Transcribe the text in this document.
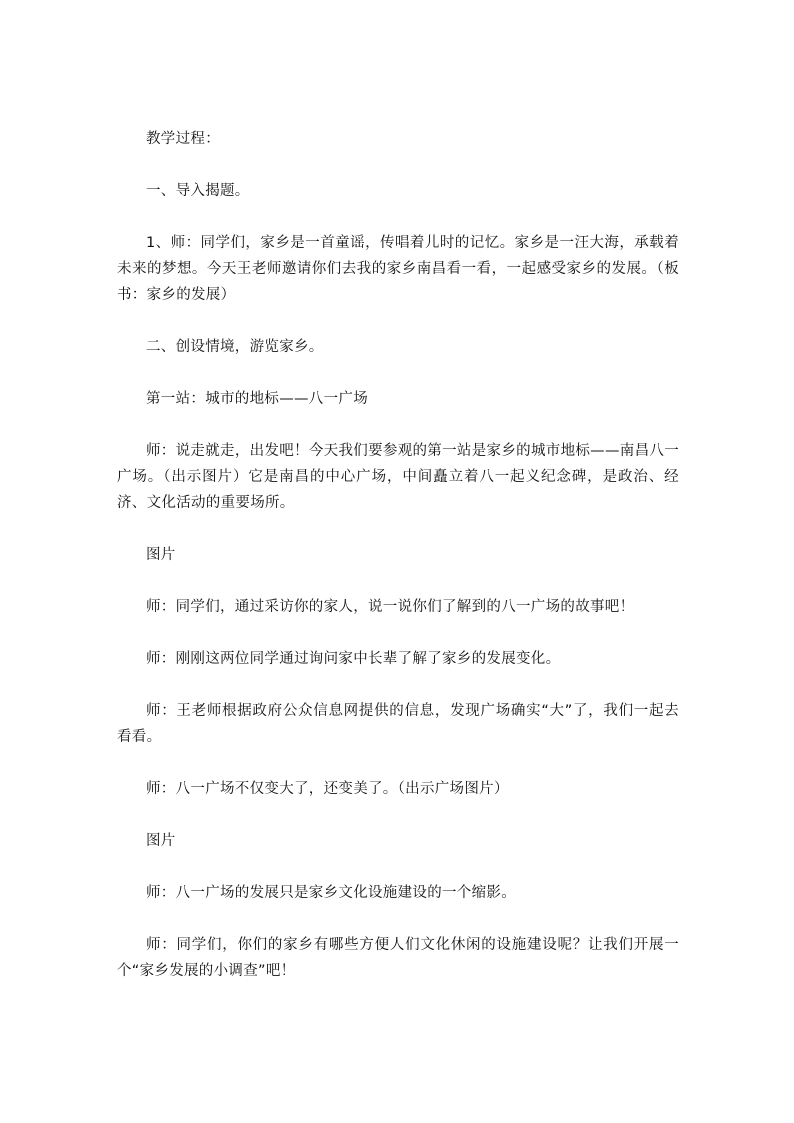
教学过程：

一、导入揭题。

1、师：同学们，家乡是一首童谣，传唱着儿时的记忆。家乡是一汪大海，承载着未来的梦想。今天王老师邀请你们去我的家乡南昌看一看，一起感受家乡的发展。（板书：家乡的发展）

二、创设情境，游览家乡。

第一站：城市的地标——八一广场

师：说走就走，出发吧！今天我们要参观的第一站是家乡的城市地标——南昌八一广场。（出示图片）它是南昌的中心广场，中间矗立着八一起义纪念碑，是政治、经济、文化活动的重要场所。

图片

师：同学们，通过采访你的家人，说一说你们了解到的八一广场的故事吧！

师：刚刚这两位同学通过询问家中长辈了解了家乡的发展变化。

师：王老师根据政府公众信息网提供的信息，发现广场确实“大”了，我们一起去看看。

师：八一广场不仅变大了，还变美了。（出示广场图片）

图片

师：八一广场的发展只是家乡文化设施建设的一个缩影。

师：同学们，你们的家乡有哪些方便人们文化休闲的设施建设呢？让我们开展一个“家乡发展的小调查”吧！
